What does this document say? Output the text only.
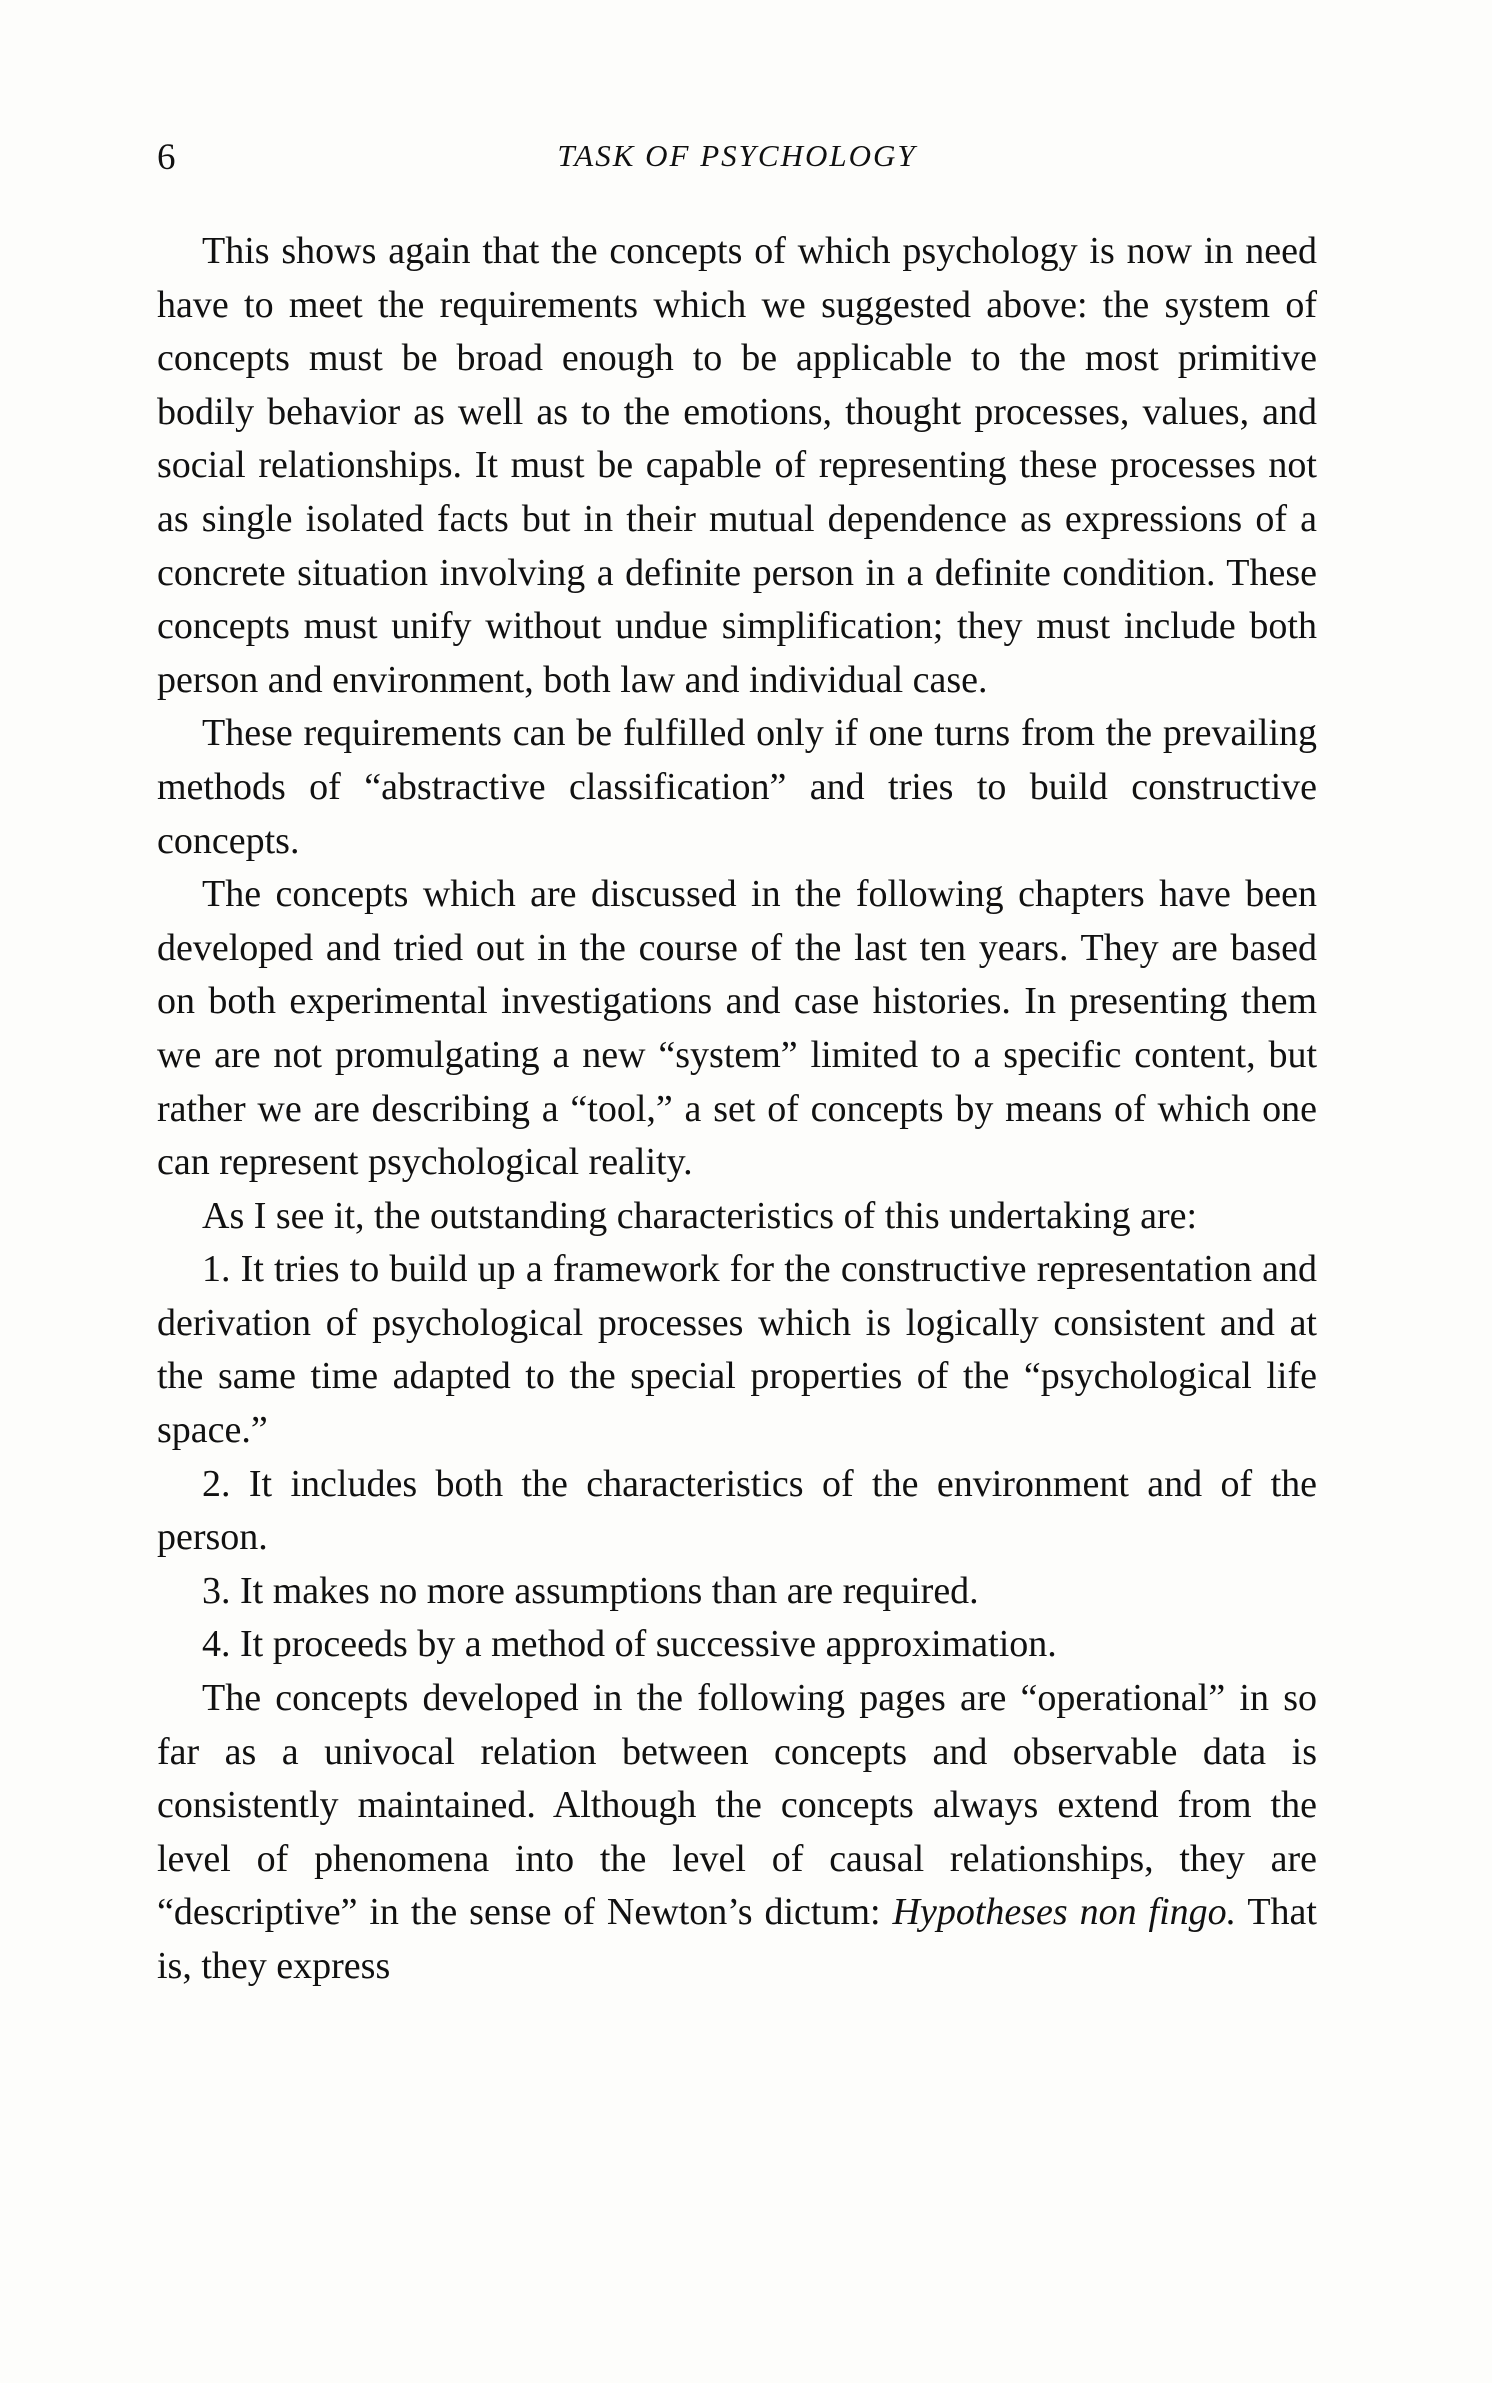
6	TASK OF PSYCHOLOGY

This shows again that the concepts of which psychology is now in need have to meet the requirements which we suggested above: the system of concepts must be broad enough to be applicable to the most primitive bodily behavior as well as to the emotions, thought processes, values, and social relationships. It must be capable of representing these processes not as single isolated facts but in their mutual dependence as expressions of a concrete situation involving a definite person in a definite condition. These concepts must unify without undue simplification; they must include both person and environment, both law and individual case.

These requirements can be fulfilled only if one turns from the prevailing methods of “abstractive classification” and tries to build constructive concepts.

The concepts which are discussed in the following chapters have been developed and tried out in the course of the last ten years. They are based on both experimental investigations and case histories. In presenting them we are not promulgating a new “system” limited to a specific content, but rather we are describing a “tool,” a set of concepts by means of which one can represent psychological reality.

As I see it, the outstanding characteristics of this undertaking are:

1. It tries to build up a framework for the constructive representation and derivation of psychological processes which is logically consistent and at the same time adapted to the special properties of the “psychological life space.”

2. It includes both the characteristics of the environment and of the person.

3. It makes no more assumptions than are required.

4. It proceeds by a method of successive approximation.

The concepts developed in the following pages are “operational” in so far as a univocal relation between concepts and observable data is consistently maintained. Although the concepts always extend from the level of phenomena into the level of causal relationships, they are “descriptive” in the sense of Newton’s dictum: Hypotheses non fingo. That is, they express
